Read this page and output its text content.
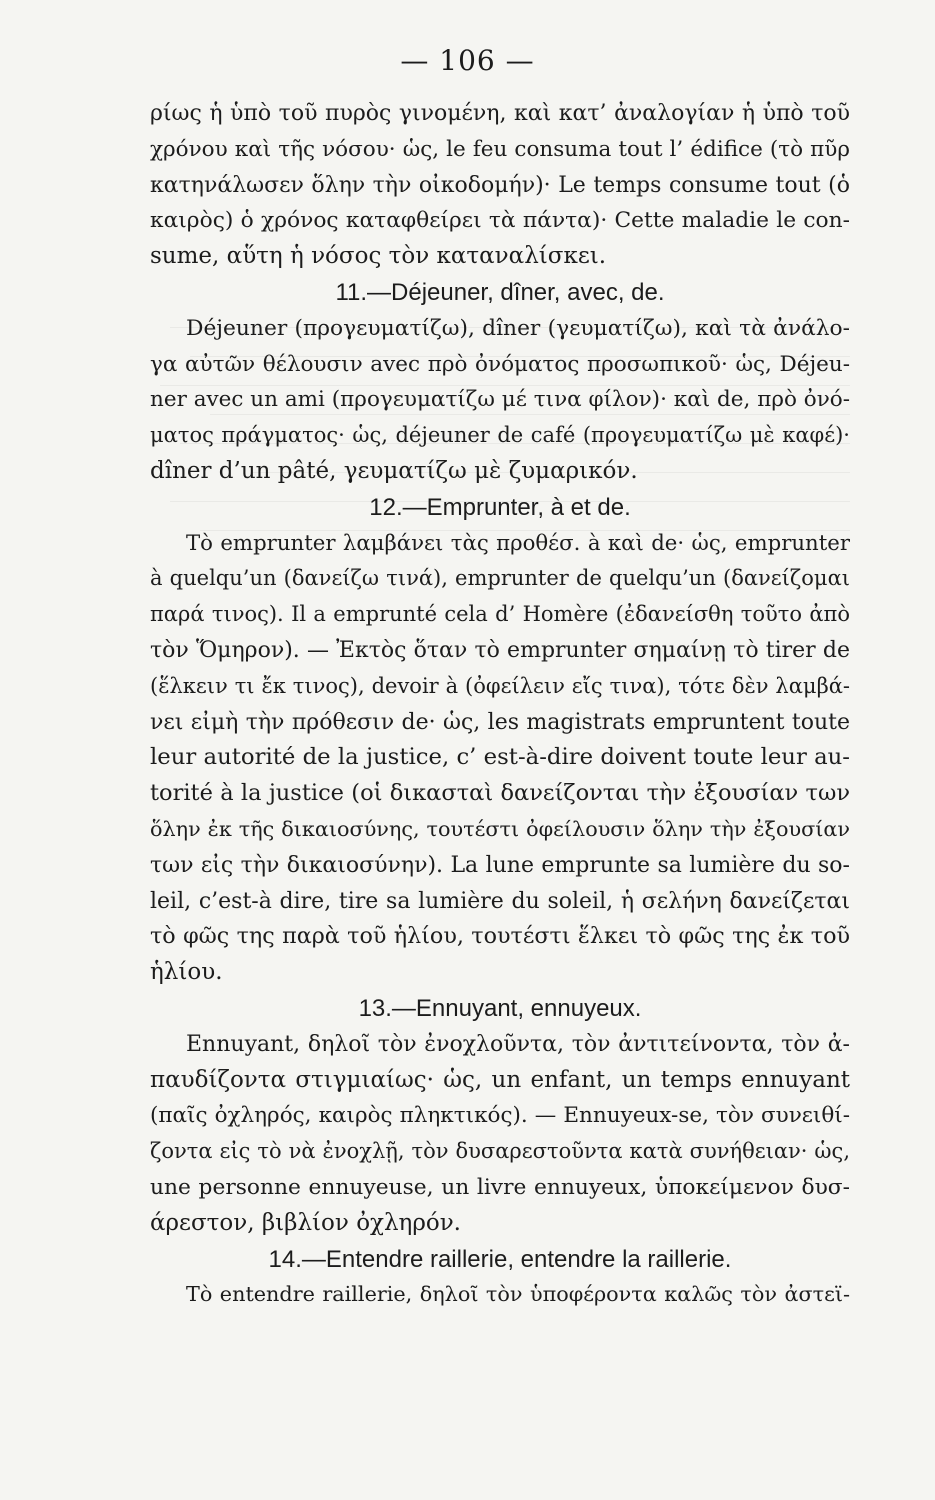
— 106 —
ρίως ἡ ὑπὸ τοῦ πυρὸς γινομένη, καὶ κατ’ ἀναλογίαν ἡ ὑπὸ τοῦ
χρόνου καὶ τῆς νόσου· ὡς, le feu consuma tout l’ édifice (τὸ πῦρ
κατηνάλωσεν ὅλην τὴν οἰκοδομήν)· Le temps consume tout (ὁ
καιρὸς) ὁ χρόνος καταφθείρει τὰ πάντα)· Cette maladie le con-
sume, αὕτη ἡ νόσος τὸν καταναλίσκει.
11.—Déjeuner, dîner, avec, de.
Déjeuner (προγευματίζω), dîner (γευματίζω), καὶ τὰ ἀνάλο-
γα αὐτῶν θέλουσιν avec πρὸ ὀνόματος προσωπικοῦ· ὡς, Déjeu-
ner avec un ami (προγευματίζω μέ τινα φίλον)· καὶ de, πρὸ ὀνό-
ματος πράγματος· ὡς, déjeuner de café (προγευματίζω μὲ καφέ)·
dîner d’un pâté, γευματίζω μὲ ζυμαρικόν.
12.—Emprunter, à et de.
Τὸ emprunter λαμβάνει τὰς προθέσ. à καὶ de· ὡς, emprunter
à quelqu’un (δανείζω τινά), emprunter de quelqu’un (δανείζομαι
παρά τινος). Il a emprunté cela d’ Homère (ἐδανείσθη τοῦτο ἀπὸ
τὸν Ὅμηρον). — Ἐκτὸς ὅταν τὸ emprunter σημαίνῃ τὸ tirer de
(ἕλκειν τι ἔκ τινος), devoir à (ὀφείλειν εἴς τινα), τότε δὲν λαμβά-
νει εἰμὴ τὴν πρόθεσιν de· ὡς, les magistrats empruntent toute
leur autorité de la justice, c’ est-à-dire doivent toute leur au-
torité à la justice (οἱ δικασταὶ δανείζονται τὴν ἐξουσίαν των
ὅλην ἐκ τῆς δικαιοσύνης, τουτέστι ὀφείλουσιν ὅλην τὴν ἐξουσίαν
των εἰς τὴν δικαιοσύνην). La lune emprunte sa lumière du so-
leil, c’est-à dire, tire sa lumière du soleil, ἡ σελήνη δανείζεται
τὸ φῶς της παρὰ τοῦ ἡλίου, τουτέστι ἕλκει τὸ φῶς της ἐκ τοῦ
ἡλίου.
13.—Ennuyant, ennuyeux.
Ennuyant, δηλοῖ τὸν ἐνοχλοῦντα, τὸν ἀντιτείνοντα, τὸν ἀ-
παυδίζοντα στιγμιαίως· ὡς, un enfant, un temps ennuyant
(παῖς ὀχληρός, καιρὸς πληκτικός). — Ennuyeux-se, τὸν συνειθί-
ζοντα εἰς τὸ νὰ ἐνοχλῇ, τὸν δυσαρεστοῦντα κατὰ συνήθειαν· ὡς,
une personne ennuyeuse, un livre ennuyeux, ὑποκείμενον δυσ-
άρεστον, βιβλίον ὀχληρόν.
14.—Entendre raillerie, entendre la raillerie.
Τὸ entendre raillerie, δηλοῖ τὸν ὑποφέροντα καλῶς τὸν ἀστεϊ-
